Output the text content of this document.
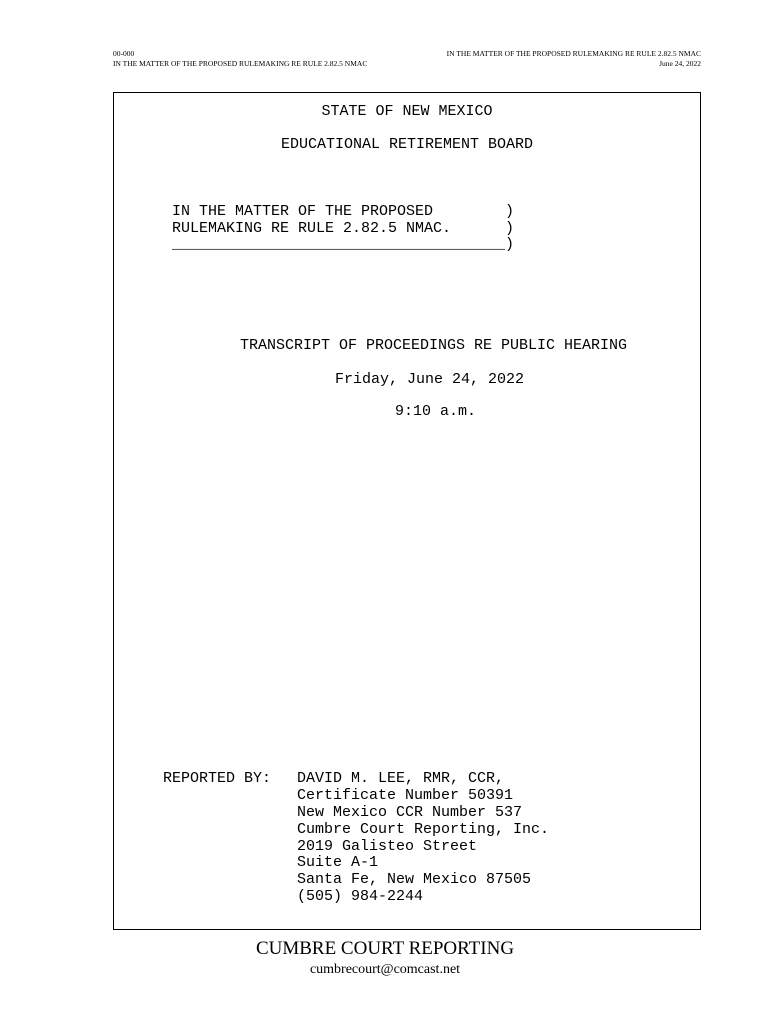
00-000
IN THE MATTER OF THE PROPOSED RULEMAKING RE RULE 2.82.5 NMAC
IN THE MATTER OF THE PROPOSED RULEMAKING RE RULE 2.82.5 NMAC
June 24, 2022
STATE OF NEW MEXICO
EDUCATIONAL RETIREMENT BOARD
IN THE MATTER OF THE PROPOSED        )
RULEMAKING RE RULE 2.82.5 NMAC.      )
_____________________________________)
TRANSCRIPT OF PROCEEDINGS RE PUBLIC HEARING
Friday, June 24, 2022
9:10 a.m.
REPORTED BY: DAVID M. LEE, RMR, CCR,
Certificate Number 50391
New Mexico CCR Number 537
Cumbre Court Reporting, Inc.
2019 Galisteo Street
Suite A-1
Santa Fe, New Mexico 87505
(505) 984-2244
CUMBRE COURT REPORTING
cumbrecourt@comcast.net
